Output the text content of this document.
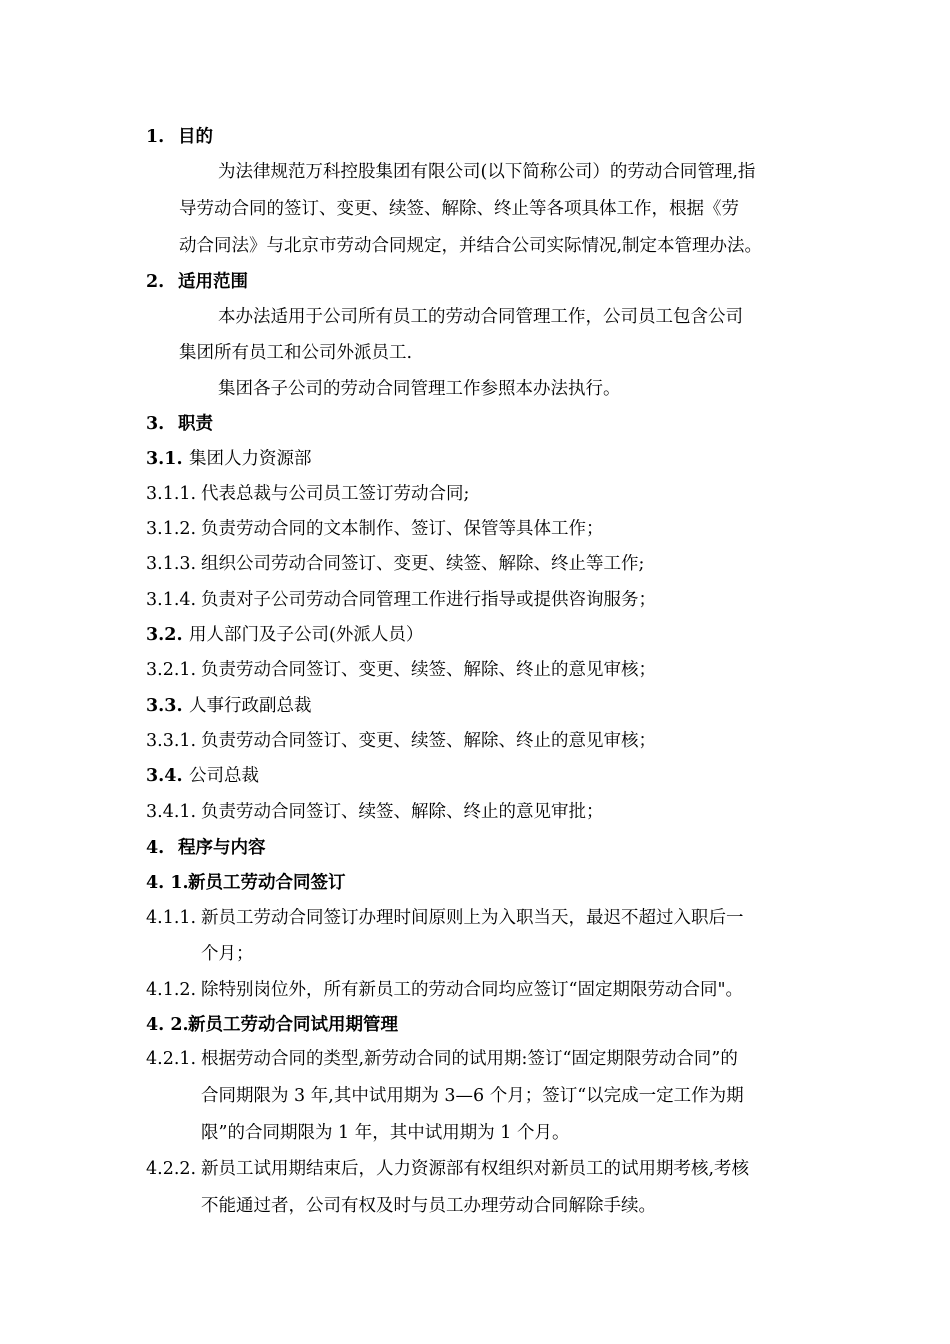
1. 目的
为法律规范万科控股集团有限公司(以下简称公司）的劳动合同管理,指
导劳动合同的签订、变更、续签、解除、终止等各项具体工作，根据《劳
动合同法》与北京市劳动合同规定，并结合公司实际情况,制定本管理办法。
2. 适用范围
本办法适用于公司所有员工的劳动合同管理工作，公司员工包含公司
集团所有员工和公司外派员工.
集团各子公司的劳动合同管理工作参照本办法执行。
3. 职责
3.1. 集团人力资源部
3.1.1. 代表总裁与公司员工签订劳动合同;
3.1.2. 负责劳动合同的文本制作、签订、保管等具体工作；
3.1.3. 组织公司劳动合同签订、变更、续签、解除、终止等工作;
3.1.4. 负责对子公司劳动合同管理工作进行指导或提供咨询服务；
3.2. 用人部门及子公司(外派人员）
3.2.1. 负责劳动合同签订、变更、续签、解除、终止的意见审核；
3.3. 人事行政副总裁
3.3.1. 负责劳动合同签订、变更、续签、解除、终止的意见审核；
3.4. 公司总裁
3.4.1. 负责劳动合同签订、续签、解除、终止的意见审批；
4. 程序与内容
4. 1.新员工劳动合同签订
4.1.1. 新员工劳动合同签订办理时间原则上为入职当天，最迟不超过入职后一
个月；
4.1.2. 除特别岗位外，所有新员工的劳动合同均应签订“固定期限劳动合同"。
4. 2.新员工劳动合同试用期管理
4.2.1. 根据劳动合同的类型,新劳动合同的试用期:签订“固定期限劳动合同”的
合同期限为 3 年,其中试用期为 3—6 个月；签订“以完成一定工作为期
限”的合同期限为 1 年，其中试用期为 1 个月。
4.2.2. 新员工试用期结束后，人力资源部有权组织对新员工的试用期考核,考核
不能通过者，公司有权及时与员工办理劳动合同解除手续。
